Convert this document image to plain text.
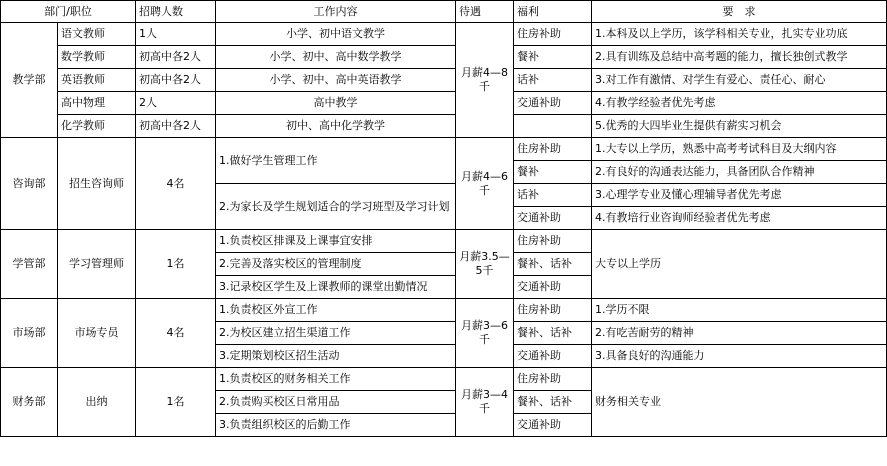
部门/职位		招聘人数	工作内容	待遇	福利	要　求
教学部	语文教师	1人	小学、初中语文教学	月薪4—8千	住房补助	1.本科及以上学历，该学科相关专业，扎实专业功底
	数学教师	初高中各2人	小学、初中、高中数学教学		餐补	2.具有训练及总结中高考题的能力，擅长独创式教学
	英语教师	初高中各2人	小学、初中、高中英语教学		话补	3.对工作有激情、对学生有爱心、责任心、耐心
	高中物理	2人	高中教学		交通补助	4.有教学经验者优先考虑
	化学教师	初高中各2人	初中、高中化学教学			5.优秀的大四毕业生提供有薪实习机会
咨询部	招生咨询师	4名	1.做好学生管理工作	月薪4—6千	住房补助	1.大专以上学历，熟悉中高考考试科目及大纲内容
					餐补	2.有良好的沟通表达能力，具备团队合作精神
			2.为家长及学生规划适合的学习班型及学习计划		话补	3.心理学专业及懂心理辅导者优先考虑
					交通补助	4.有教培行业咨询师经验者优先考虑
学管部	学习管理师	1名	1.负责校区排课及上课事宜安排	月薪3.5—5千	住房补助	大专以上学历
			2.完善及落实校区的管理制度		餐补、话补	
			3.记录校区学生及上课教师的课堂出勤情况		交通补助	
市场部	市场专员	4名	1.负责校区外宣工作	月薪3—6千	住房补助	1.学历不限
			2.为校区建立招生渠道工作		餐补、话补	2.有吃苦耐劳的精神
			3.定期策划校区招生活动		交通补助	3.具备良好的沟通能力
财务部	出纳	1名	1.负责校区的财务相关工作	月薪3—4千	住房补助	财务相关专业
			2.负责购买校区日常用品		餐补、话补	
			3.负责组织校区的后勤工作		交通补助	
